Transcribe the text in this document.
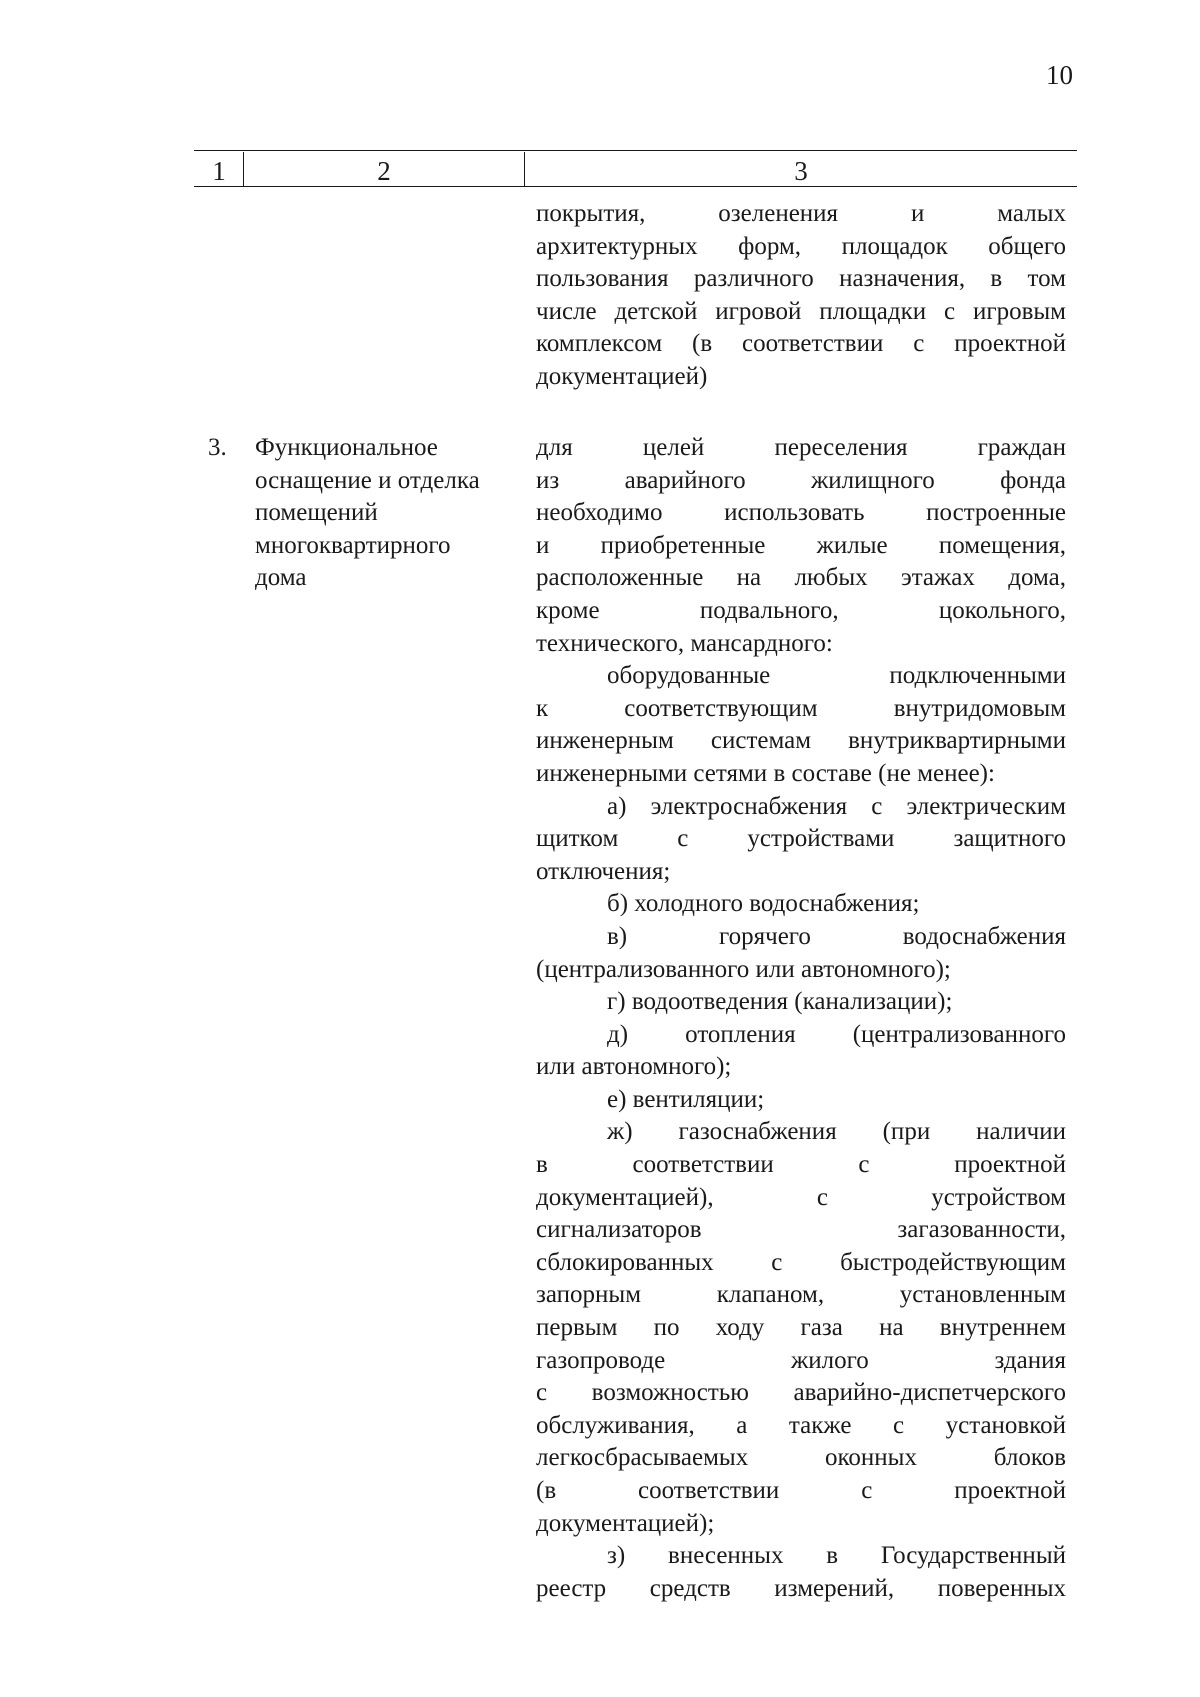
10
1	2	3
покрытия, озеленения и малых
архитектурных форм, площадок общего
пользования различного назначения, в том
числе детской игровой площадки с игровым
комплексом (в соответствии с проектной
документацией)
3. Функциональное
оснащение и отделка
помещений
многоквартирного
дома
для целей переселения граждан
из аварийного жилищного фонда
необходимо использовать построенные
и приобретенные жилые помещения,
расположенные на любых этажах дома,
кроме подвального, цокольного,
технического, мансардного:
оборудованные подключенными
к соответствующим внутридомовым
инженерным системам внутриквартирными
инженерными сетями в составе (не менее):
а) электроснабжения с электрическим
щитком с устройствами защитного
отключения;
б) холодного водоснабжения;
в) горячего водоснабжения
(централизованного или автономного);
г) водоотведения (канализации);
д) отопления (централизованного
или автономного);
е) вентиляции;
ж) газоснабжения (при наличии
в соответствии с проектной
документацией), с устройством
сигнализаторов загазованности,
сблокированных с быстродействующим
запорным клапаном, установленным
первым по ходу газа на внутреннем
газопроводе жилого здания
с возможностью аварийно-диспетчерского
обслуживания, а также с установкой
легкосбрасываемых оконных блоков
(в соответствии с проектной
документацией);
з) внесенных в Государственный
реестр средств измерений, поверенных
